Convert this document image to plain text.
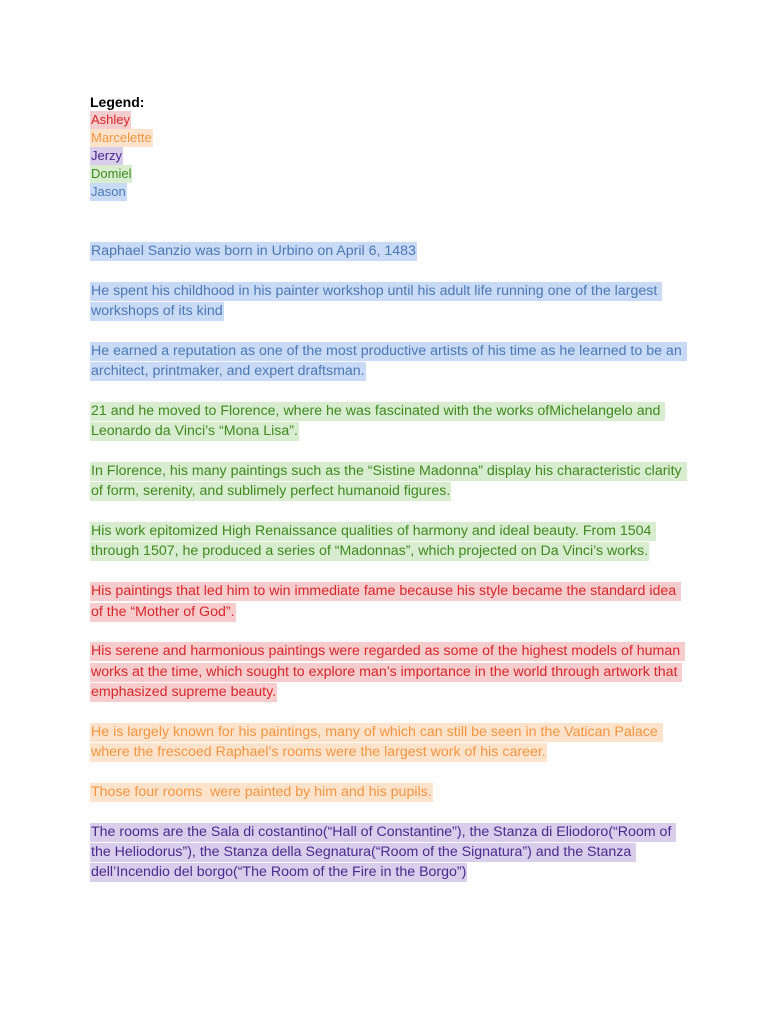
Legend:

Ashley
Marcelette
Jerzy
Domiel
Jason

Raphael Sanzio was born in Urbino on April 6, 1483

He spent his childhood in his painter workshop until his adult life running one of the largest workshops of its kind

He earned a reputation as one of the most productive artists of his time as he learned to be an architect, printmaker, and expert draftsman.

21 and he moved to Florence, where he was fascinated with the works ofMichelangelo and Leonardo da Vinci’s “Mona Lisa”.

In Florence, his many paintings such as the “Sistine Madonna” display his characteristic clarity of form, serenity, and sublimely perfect humanoid figures.

His work epitomized High Renaissance qualities of harmony and ideal beauty. From 1504 through 1507, he produced a series of “Madonnas”, which projected on Da Vinci’s works.

His paintings that led him to win immediate fame because his style became the standard idea of the “Mother of God”.

His serene and harmonious paintings were regarded as some of the highest models of human works at the time, which sought to explore man’s importance in the world through artwork that emphasized supreme beauty.

He is largely known for his paintings, many of which can still be seen in the Vatican Palace where the frescoed Raphael’s rooms were the largest work of his career.

Those four rooms  were painted by him and his pupils.

The rooms are the Sala di costantino(“Hall of Constantine”), the Stanza di Eliodoro(“Room of the Heliodorus”), the Stanza della Segnatura(“Room of the Signatura”) and the Stanza dell’Incendio del borgo(“The Room of the Fire in the Borgo”)
